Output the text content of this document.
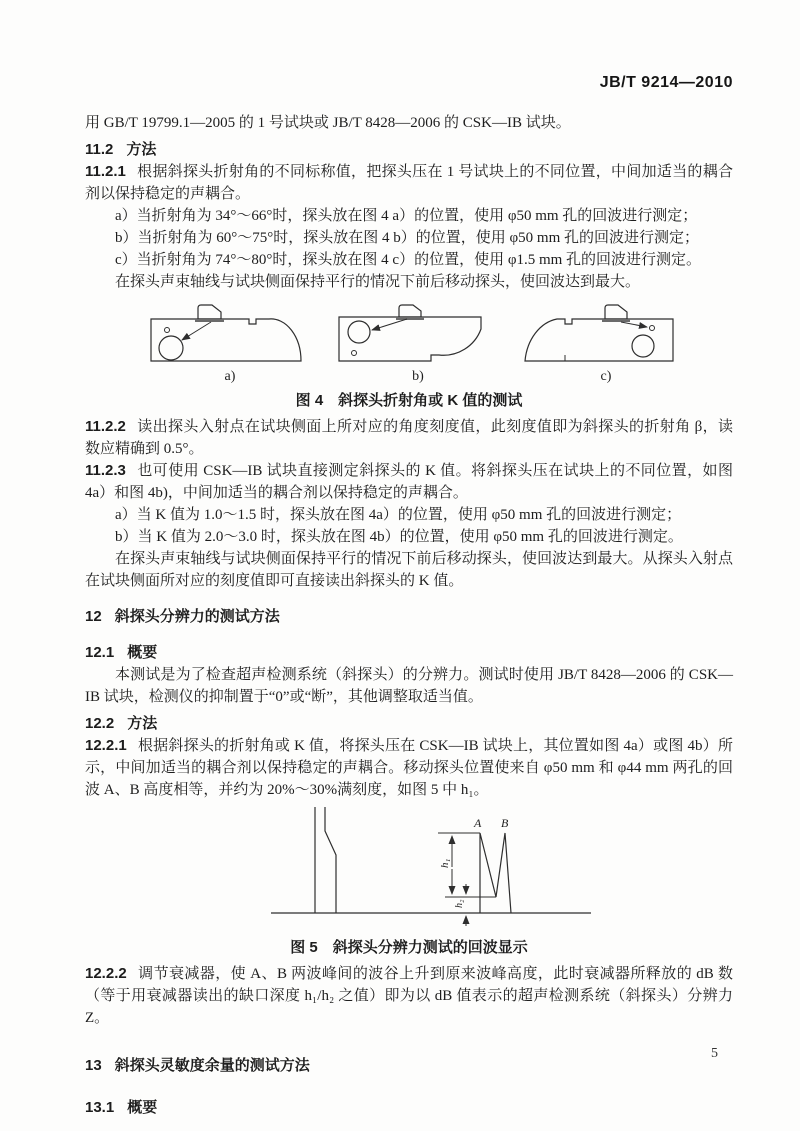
JB/T 9214—2010

用 GB/T 19799.1—2005 的 1 号试块或 JB/T 8428—2006 的 CSK—IB 试块。

11.2 方法

11.2.1 根据斜探头折射角的不同标称值，把探头压在 1 号试块上的不同位置，中间加适当的耦合剂以保持稳定的声耦合。

a）当折射角为 34°～66°时，探头放在图 4 a）的位置，使用 φ50 mm 孔的回波进行测定；

b）当折射角为 60°～75°时，探头放在图 4 b）的位置，使用 φ50 mm 孔的回波进行测定；

c）当折射角为 74°～80°时，探头放在图 4 c）的位置，使用 φ1.5 mm 孔的回波进行测定。

在探头声束轴线与试块侧面保持平行的情况下前后移动探头，使回波达到最大。

a)	b)	c)
图 4　斜探头折射角或 K 值的测试

11.2.2 读出探头入射点在试块侧面上所对应的角度刻度值，此刻度值即为斜探头的折射角 β，读数应精确到 0.5°。

11.2.3 也可使用 CSK—IB 试块直接测定斜探头的 K 值。将斜探头压在试块上的不同位置，如图 4a）和图 4b)，中间加适当的耦合剂以保持稳定的声耦合。

a）当 K 值为 1.0～1.5 时，探头放在图 4a）的位置，使用 φ50 mm 孔的回波进行测定；

b）当 K 值为 2.0～3.0 时，探头放在图 4b）的位置，使用 φ50 mm 孔的回波进行测定。

在探头声束轴线与试块侧面保持平行的情况下前后移动探头，使回波达到最大。从探头入射点在试块侧面所对应的刻度值即可直接读出斜探头的 K 值。

12 斜探头分辨力的测试方法

12.1 概要

本测试是为了检查超声检测系统（斜探头）的分辨力。测试时使用 JB/T 8428—2006 的 CSK—IB 试块，检测仪的抑制置于“0”或“断”，其他调整取适当值。

12.2 方法

12.2.1 根据斜探头的折射角或 K 值，将探头压在 CSK—IB 试块上，其位置如图 4a）或图 4b）所示，中间加适当的耦合剂以保持稳定的声耦合。移动探头位置使来自 φ50 mm 和 φ44 mm 两孔的回波 A、B 高度相等，并约为 20%～30%满刻度，如图 5 中 h₁。

A B
h₁
h₂
图 5　斜探头分辨力测试的回波显示

12.2.2 调节衰减器，使 A、B 两波峰间的波谷上升到原来波峰高度，此时衰减器所释放的 dB 数（等于用衰减器读出的缺口深度 h₁/h₂ 之值）即为以 dB 值表示的超声检测系统（斜探头）分辨力 Z。

13 斜探头灵敏度余量的测试方法

13.1 概要

5
